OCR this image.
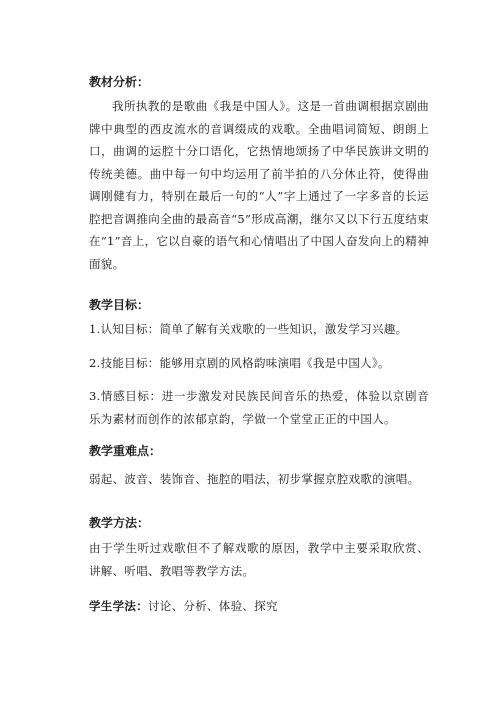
教材分析：
我所执教的是歌曲《我是中国人》。这是一首曲调根据京剧曲牌中典型的西皮流水的音调缀成的戏歌。全曲唱词简短、朗朗上口，曲调的运腔十分口语化，它热情地颂扬了中华民族讲文明的传统美德。曲中每一句中均运用了前半拍的八分休止符，使得曲调刚健有力，特别在最后一句的“人”字上通过了一字多音的长运腔把音调推向全曲的最高音“5”形成高潮，继尔又以下行五度结束在“1”音上，它以自豪的语气和心情唱出了中国人奋发向上的精神面貌。
教学目标：
1.认知目标：简单了解有关戏歌的一些知识，激发学习兴趣。
2.技能目标：能够用京剧的风格韵味演唱《我是中国人》。
3.情感目标：进一步激发对民族民间音乐的热爱，体验以京剧音乐为素材而创作的浓郁京韵，学做一个堂堂正正的中国人。
教学重难点：
弱起、波音、装饰音、拖腔的唱法，初步掌握京腔戏歌的演唱。
教学方法：
由于学生听过戏歌但不了解戏歌的原因，教学中主要采取欣赏、讲解、听唱、教唱等教学方法。
学生学法：讨论、分析、体验、探究
